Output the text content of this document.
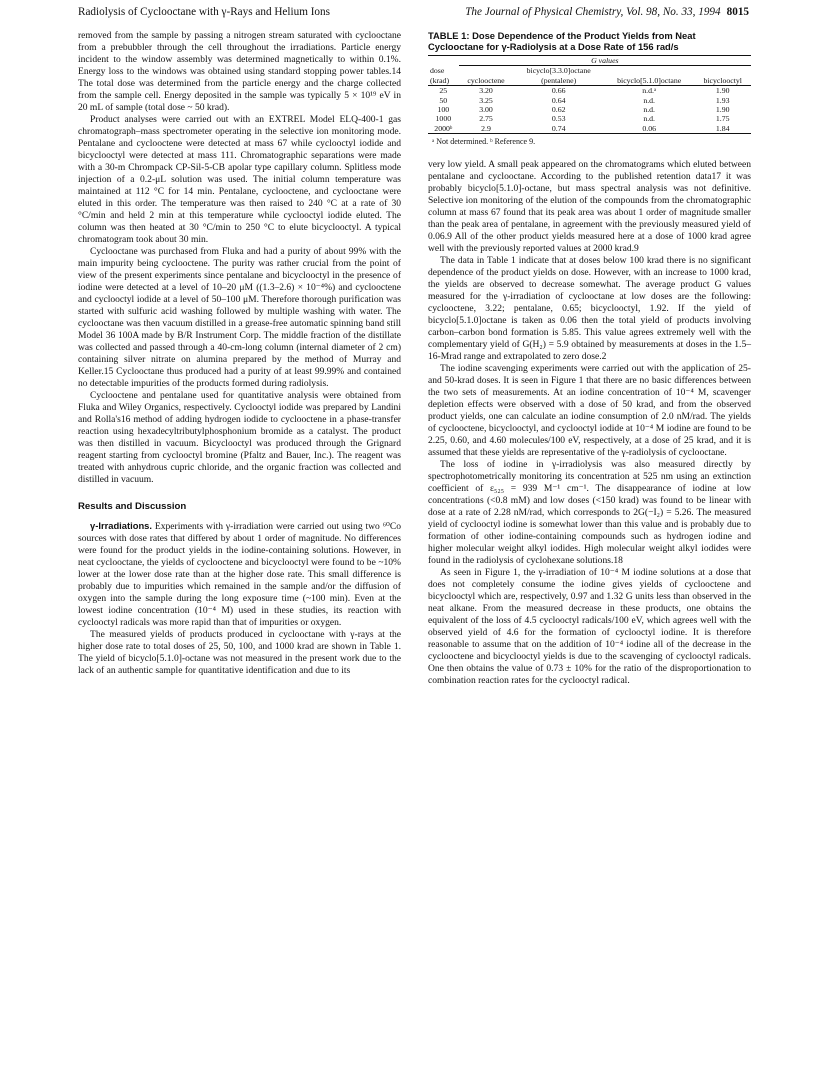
Radiolysis of Cyclooctane with γ-Rays and Helium Ions	The Journal of Physical Chemistry, Vol. 98, No. 33, 1994 8015

removed from the sample by passing a nitrogen stream saturated with cyclooctane from a prebubbler through the cell throughout the irradiations. Particle energy incident to the window assembly was determined magnetically to within 0.1%. Energy loss to the windows was obtained using standard stopping power tables.14 The total dose was determined from the particle energy and the charge collected from the sample cell. Energy deposited in the sample was typically 5 × 10¹⁹ eV in 20 mL of sample (total dose ~ 50 krad).

Product analyses were carried out with an EXTREL Model ELQ-400-1 gas chromatograph–mass spectrometer operating in the selective ion monitoring mode. Pentalane and cyclooctene were detected at mass 67 while cyclooctyl iodide and bicyclooctyl were detected at mass 111. Chromatographic separations were made with a 30-m Chrompack CP-Sil-5-CB apolar type capillary column. Splitless mode injection of a 0.2-μL solution was used. The initial column temperature was maintained at 112 °C for 14 min. Pentalane, cyclooctene, and cyclooctane were eluted in this order. The temperature was then raised to 240 °C at a rate of 30 °C/min and held 2 min at this temperature while cyclooctyl iodide eluted. The column was then heated at 30 °C/min to 250 °C to elute bicyclooctyl. A typical chromatogram took about 30 min.

Cyclooctane was purchased from Fluka and had a purity of about 99% with the main impurity being cyclooctene. The purity was rather crucial from the point of view of the present experiments since pentalane and bicyclooctyl in the presence of iodine were detected at a level of 10–20 μM ((1.3–2.6) × 10⁻⁴%) and cyclooctene and cyclooctyl iodide at a level of 50–100 μM. Therefore thorough purification was started with sulfuric acid washing followed by multiple washing with water. The cyclooctane was then vacuum distilled in a grease-free automatic spinning band still Model 36 100A made by B/R Instrument Corp. The middle fraction of the distillate was collected and passed through a 40-cm-long column (internal diameter of 2 cm) containing silver nitrate on alumina prepared by the method of Murray and Keller.15 Cyclooctane thus produced had a purity of at least 99.99% and contained no detectable impurities of the products formed during radiolysis.

Cyclooctene and pentalane used for quantitative analysis were obtained from Fluka and Wiley Organics, respectively. Cyclooctyl iodide was prepared by Landini and Rolla's16 method of adding hydrogen iodide to cyclooctene in a phase-transfer reaction using hexadecyltributylphosphonium bromide as a catalyst. The product was then distilled in vacuum. Bicyclooctyl was produced through the Grignard reagent starting from cyclooctyl bromine (Pfaltz and Bauer, Inc.). The reagent was treated with anhydrous cupric chloride, and the organic fraction was collected and distilled in vacuum.

Results and Discussion

γ-Irradiations. Experiments with γ-irradiation were carried out using two ⁶⁰Co sources with dose rates that differed by about 1 order of magnitude. No differences were found for the product yields in the iodine-containing solutions. However, in neat cyclooctane, the yields of cyclooctene and bicyclooctyl were found to be ~10% lower at the lower dose rate than at the higher dose rate. This small difference is probably due to impurities which remained in the sample and/or the diffusion of oxygen into the sample during the long exposure time (~100 min). Even at the lowest iodine concentration (10⁻⁴ M) used in these studies, its reaction with cyclooctyl radicals was more rapid than that of impurities or oxygen.

The measured yields of products produced in cyclooctane with γ-rays at the higher dose rate to total doses of 25, 50, 100, and 1000 krad are shown in Table 1. The yield of bicyclo[5.1.0]-octane was not measured in the present work due to the lack of an authentic sample for quantitative identification and due to its

TABLE 1: Dose Dependence of the Product Yields from Neat Cyclooctane for γ-Radiolysis at a Dose Rate of 156 rad/s
	G values			
dose		bicyclo[3.3.0]octane		
(krad)	cyclooctene	(pentalene)	bicyclo[5.1.0]octane	bicyclooctyl
25	3.20	0.66	n.d.ᵃ	1.90
50	3.25	0.64	n.d.	1.93
100	3.00	0.62	n.d.	1.90
1000	2.75	0.53	n.d.	1.75
2000ᵇ	2.9	0.74	0.06	1.84
ᵃ Not determined. ᵇ Reference 9.

very low yield. A small peak appeared on the chromatograms which eluted between pentalane and cyclooctane. According to the published retention data17 it was probably bicyclo[5.1.0]-octane, but mass spectral analysis was not definitive. Selective ion monitoring of the elution of the compounds from the chromatographic column at mass 67 found that its peak area was about 1 order of magnitude smaller than the peak area of pentalane, in agreement with the previously measured yield of 0.06.9 All of the other product yields measured here at a dose of 1000 krad agree well with the previously reported values at 2000 krad.9

The data in Table 1 indicate that at doses below 100 krad there is no significant dependence of the product yields on dose. However, with an increase to 1000 krad, the yields are observed to decrease somewhat. The average product G values measured for the γ-irradiation of cyclooctane at low doses are the following: cyclooctene, 3.22; pentalane, 0.65; bicyclooctyl, 1.92. If the yield of bicyclo[5.1.0]octane is taken as 0.06 then the total yield of products involving carbon–carbon bond formation is 5.85. This value agrees extremely well with the complementary yield of G(H₂) = 5.9 obtained by measurements at doses in the 1.5–16-Mrad range and extrapolated to zero dose.2

The iodine scavenging experiments were carried out with the application of 25- and 50-krad doses. It is seen in Figure 1 that there are no basic differences between the two sets of measurements. At an iodine concentration of 10⁻⁴ M, scavenger depletion effects were observed with a dose of 50 krad, and from the observed product yields, one can calculate an iodine consumption of 2.0 nM/rad. The yields of cyclooctene, bicyclooctyl, and cyclooctyl iodide at 10⁻⁴ M iodine are found to be 2.25, 0.60, and 4.60 molecules/100 eV, respectively, at a dose of 25 krad, and it is assumed that these yields are representative of the γ-radiolysis of cyclooctane.

The loss of iodine in γ-irradiolysis was also measured directly by spectrophotometrically monitoring its concentration at 525 nm using an extinction coefficient of ε₅₂₅ = 939 M⁻¹ cm⁻¹. The disappearance of iodine at low concentrations (<0.8 mM) and low doses (<150 krad) was found to be linear with dose at a rate of 2.28 nM/rad, which corresponds to 2G(−I₂) = 5.26. The measured yield of cyclooctyl iodine is somewhat lower than this value and is probably due to formation of other iodine-containing compounds such as hydrogen iodine and higher molecular weight alkyl iodides. High molecular weight alkyl iodides were found in the radiolysis of cyclohexane solutions.18

As seen in Figure 1, the γ-irradiation of 10⁻⁴ M iodine solutions at a dose that does not completely consume the iodine gives yields of cyclooctene and bicyclooctyl which are, respectively, 0.97 and 1.32 G units less than observed in the neat alkane. From the measured decrease in these products, one obtains the equivalent of the loss of 4.5 cyclooctyl radicals/100 eV, which agrees well with the observed yield of 4.6 for the formation of cyclooctyl iodine. It is therefore reasonable to assume that on the addition of 10⁻⁴ iodine all of the decrease in the cyclooctene and bicyclooctyl yields is due to the scavenging of cyclooctyl radicals. One then obtains the value of 0.73 ± 10% for the ratio of the disproportionation to combination reaction rates for the cyclooctyl radical.
